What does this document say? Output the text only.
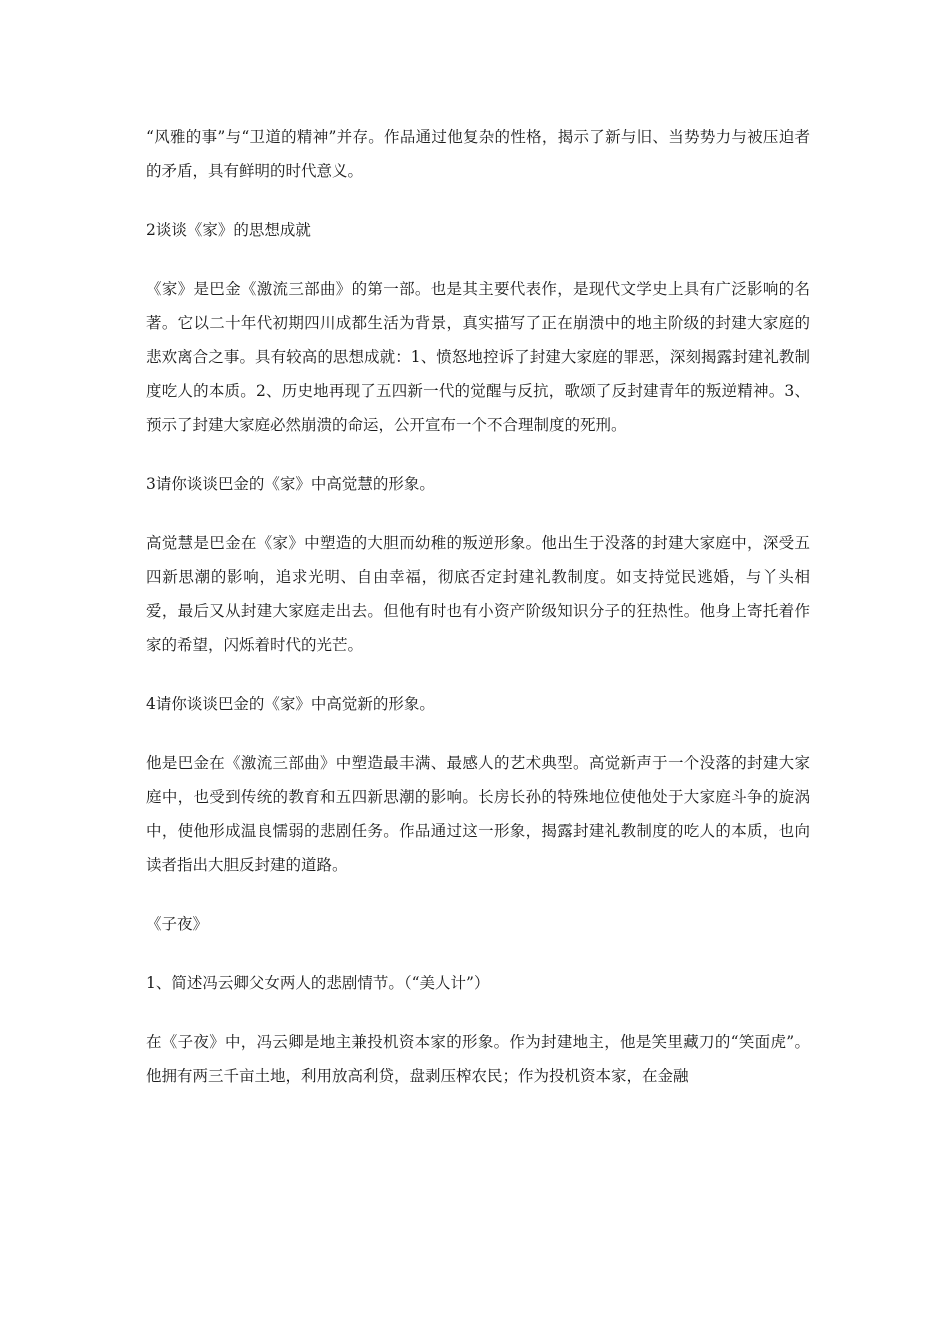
“风雅的事”与“卫道的精神”并存。作品通过他复杂的性格，揭示了新与旧、当势势力与被压迫者的矛盾，具有鲜明的时代意义。

2谈谈《家》的思想成就

《家》是巴金《激流三部曲》的第一部。也是其主要代表作，是现代文学史上具有广泛影响的名著。它以二十年代初期四川成都生活为背景，真实描写了正在崩溃中的地主阶级的封建大家庭的悲欢离合之事。具有较高的思想成就：1、愤怒地控诉了封建大家庭的罪恶，深刻揭露封建礼教制度吃人的本质。2、历史地再现了五四新一代的觉醒与反抗，歌颂了反封建青年的叛逆精神。3、预示了封建大家庭必然崩溃的命运，公开宣布一个不合理制度的死刑。

3请你谈谈巴金的《家》中高觉慧的形象。

高觉慧是巴金在《家》中塑造的大胆而幼稚的叛逆形象。他出生于没落的封建大家庭中，深受五四新思潮的影响，追求光明、自由幸福，彻底否定封建礼教制度。如支持觉民逃婚，与丫头相爱，最后又从封建大家庭走出去。但他有时也有小资产阶级知识分子的狂热性。他身上寄托着作家的希望，闪烁着时代的光芒。

4请你谈谈巴金的《家》中高觉新的形象。

他是巴金在《激流三部曲》中塑造最丰满、最感人的艺术典型。高觉新声于一个没落的封建大家庭中，也受到传统的教育和五四新思潮的影响。长房长孙的特殊地位使他处于大家庭斗争的旋涡中，使他形成温良懦弱的悲剧任务。作品通过这一形象，揭露封建礼教制度的吃人的本质，也向读者指出大胆反封建的道路。

《子夜》

1、简述冯云卿父女两人的悲剧情节。（“美人计”）

在《子夜》中，冯云卿是地主兼投机资本家的形象。作为封建地主，他是笑里藏刀的“笑面虎”。他拥有两三千亩土地，利用放高利贷，盘剥压榨农民；作为投机资本家，在金融
